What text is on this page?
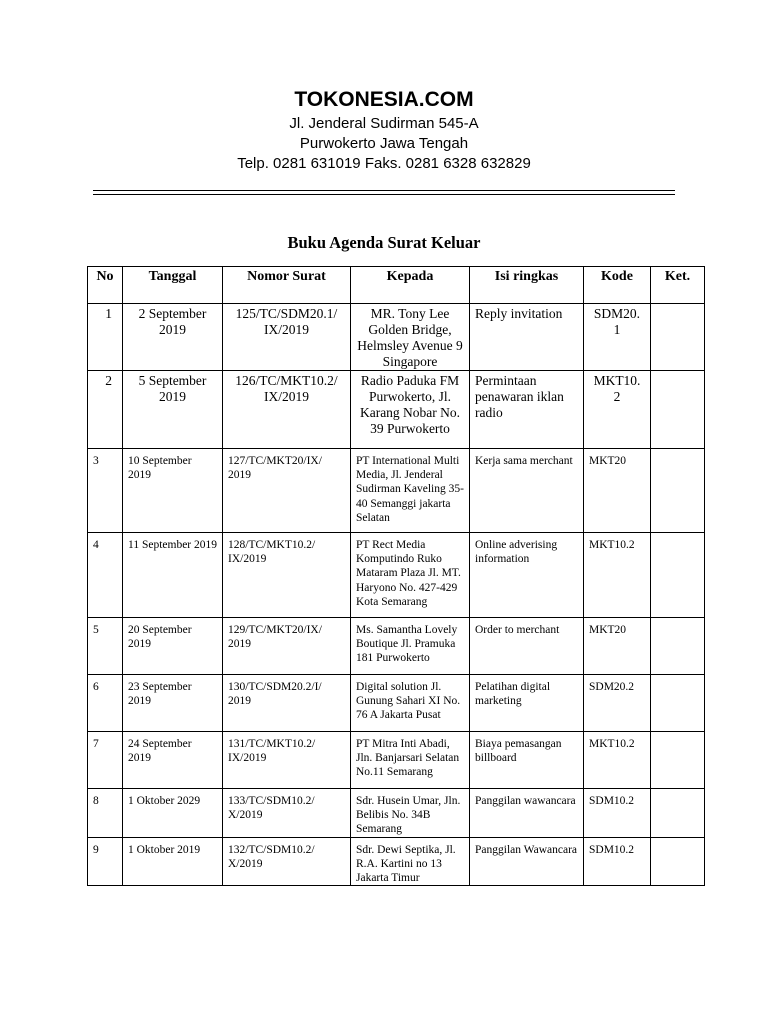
TOKONESIA.COM
Jl. Jenderal Sudirman 545-A
Purwokerto Jawa Tengah
Telp. 0281 631019 Faks. 0281 6328 632829
Buku Agenda Surat Keluar
No	Tanggal	Nomor Surat	Kepada	Isi ringkas	Kode	Ket.
1	2 September 2019	125/TC/SDM20.1/ IX/2019	MR. Tony Lee Golden Bridge, Helmsley Avenue 9 Singapore	Reply invitation	SDM20. 1	
2	5 September 2019	126/TC/MKT10.2/ IX/2019	Radio Paduka FM Purwokerto, Jl. Karang Nobar No. 39 Purwokerto	Permintaan penawaran iklan radio	MKT10. 2	
3	10 September 2019	127/TC/MKT20/IX/ 2019	PT International Multi Media, Jl. Jenderal Sudirman Kaveling 35-40 Semanggi jakarta Selatan	Kerja sama merchant	MKT20	
4	11 September 2019	128/TC/MKT10.2/ IX/2019	PT Rect Media Komputindo Ruko Mataram Plaza Jl. MT. Haryono No. 427-429 Kota Semarang	Online adverising information	MKT10.2	
5	20 September 2019	129/TC/MKT20/IX/ 2019	Ms. Samantha Lovely Boutique Jl. Pramuka 181 Purwokerto	Order to merchant	MKT20	
6	23 September 2019	130/TC/SDM20.2/I/ 2019	Digital solution Jl. Gunung Sahari XI No. 76 A Jakarta Pusat	Pelatihan digital marketing	SDM20.2	
7	24 September 2019	131/TC/MKT10.2/ IX/2019	PT Mitra Inti Abadi, Jln. Banjarsari Selatan No.11 Semarang	Biaya pemasangan billboard	MKT10.2	
8	1 Oktober 2029	133/TC/SDM10.2/ X/2019	Sdr. Husein Umar, Jln. Belibis No. 34B Semarang	Panggilan wawancara	SDM10.2	
9	1 Oktober 2019	132/TC/SDM10.2/ X/2019	Sdr. Dewi Septika, Jl. R.A. Kartini no 13 Jakarta Timur	Panggilan Wawancara	SDM10.2	
